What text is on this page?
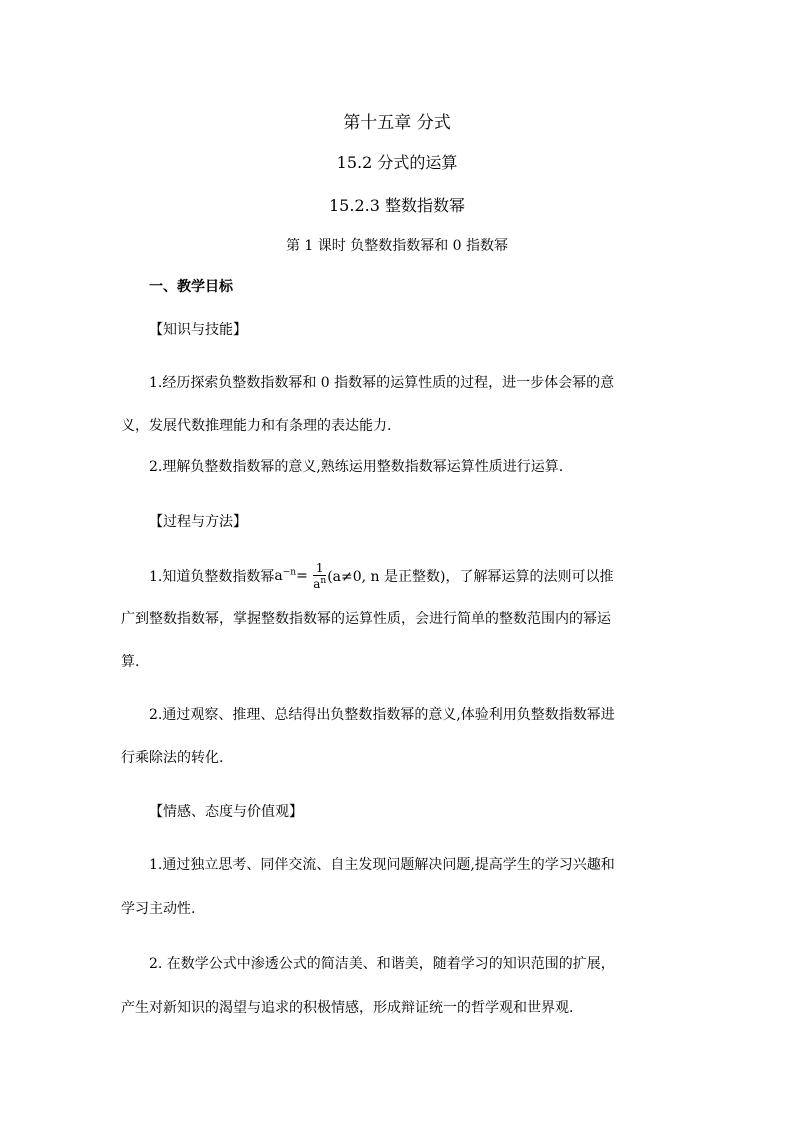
第十五章 分式
15.2 分式的运算
15.2.3 整数指数幂
第 1 课时 负整数指数幂和 0 指数幂
一、教学目标
【知识与技能】
1.经历探索负整数指数幂和 0 指数幂的运算性质的过程，进一步体会幂的意
义，发展代数推理能力和有条理的表达能力.
2.理解负整数指数幂的意义,熟练运用整数指数幂运算性质进行运算.
【过程与方法】
1.知道负整数指数幂 $a^{-n}= \frac{1}{a^n} (a\ne 0$, n 是正整数)，了解幂运算的法则可以推
广到整数指数幂，掌握整数指数幂的运算性质，会进行简单的整数范围内的幂运
算.
2.通过观察、推理、总结得出负整数指数幂的意义,体验利用负整数指数幂进
行乘除法的转化.
【情感、态度与价值观】
1.通过独立思考、同伴交流、自主发现问题解决问题,提高学生的学习兴趣和
学习主动性.
2. 在数学公式中渗透公式的简洁美、和谐美，随着学习的知识范围的扩展，
产生对新知识的渴望与追求的积极情感，形成辩证统一的哲学观和世界观.
